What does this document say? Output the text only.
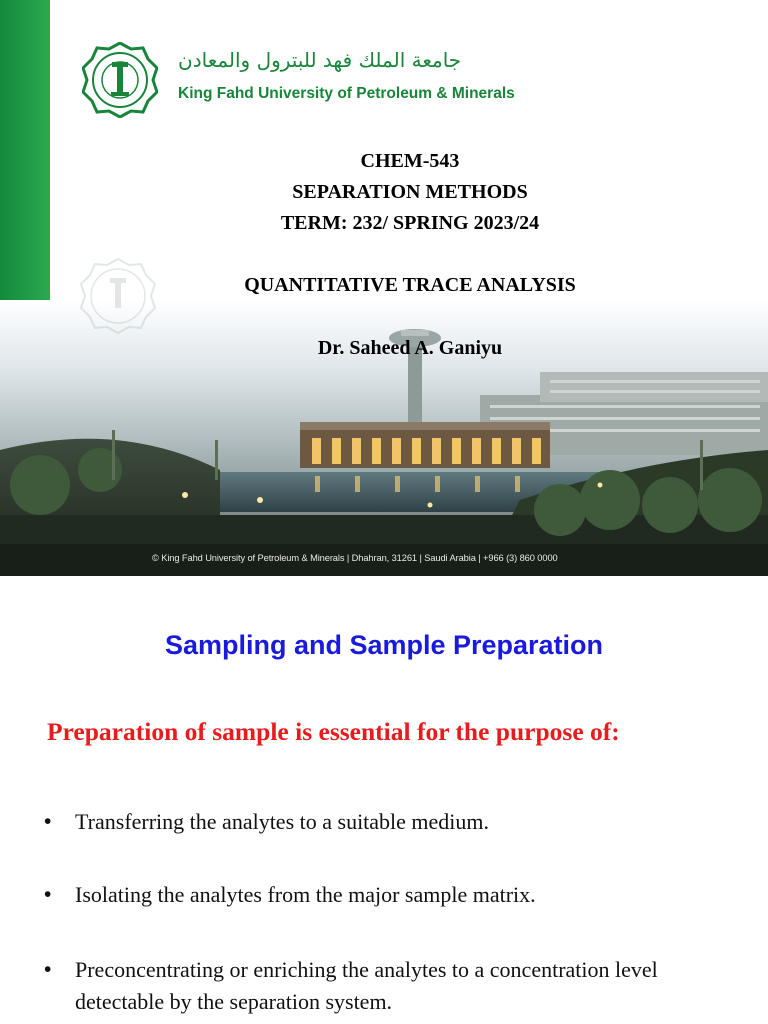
جامعة الملك فهد للبترول والمعادن
King Fahd University of Petroleum & Minerals
CHEM-543
SEPARATION METHODS
TERM: 232/ SPRING 2023/24
QUANTITATIVE TRACE ANALYSIS
Dr. Saheed A. Ganiyu
© King Fahd University of Petroleum & Minerals | Dhahran, 31261 | Saudi Arabia | +966 (3) 860 0000
Sampling and Sample Preparation
Preparation of sample is essential for the purpose of:
• Transferring the analytes to a suitable medium.
• Isolating the analytes from the major sample matrix.
• Preconcentrating or enriching the analytes to a concentration level detectable by the separation system.
